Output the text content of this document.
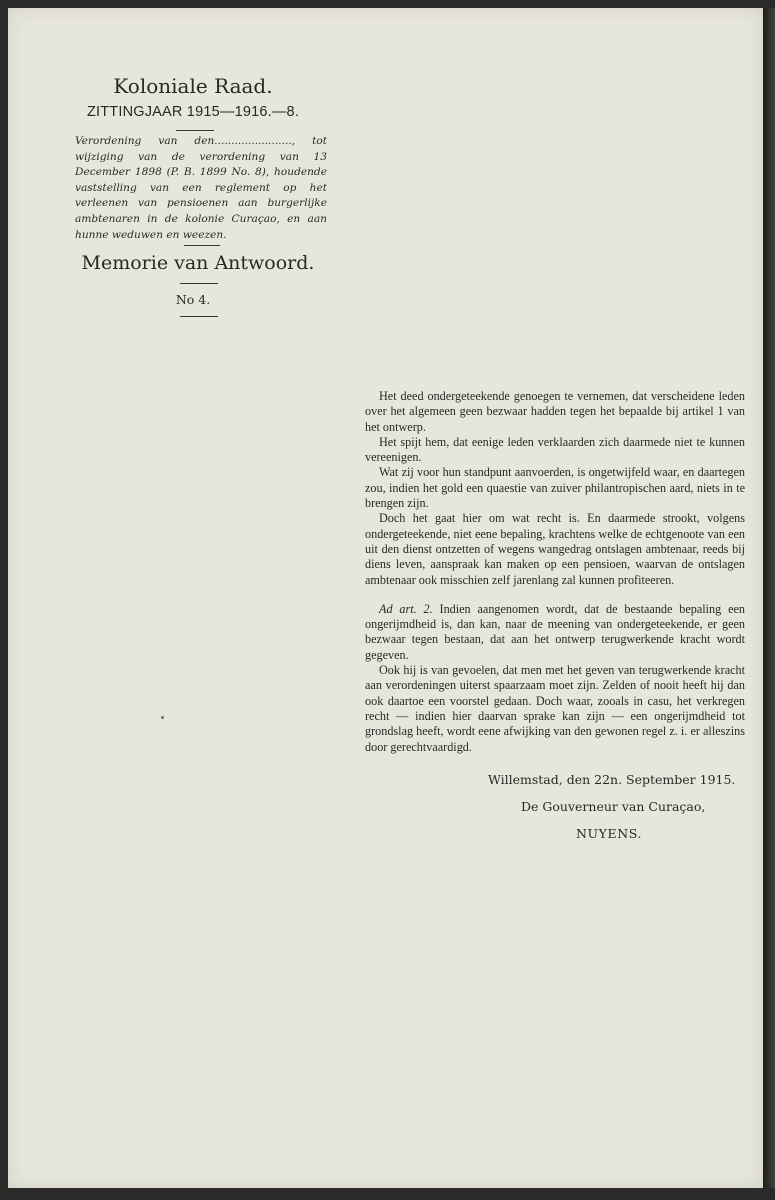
Koloniale Raad.
ZITTINGJAAR 1915—1916.—8.
Verordening van den......................., tot wijziging van de verordening van 13 December 1898 (P. B. 1899 No. 8), houdende vaststelling van een reglement op het verleenen van pensioenen aan burgerlijke ambtenaren in de kolonie Curaçao, en aan hunne weduwen en weezen.
Memorie van Antwoord.
No 4.

Het deed ondergeteekende genoegen te vernemen, dat verscheidene leden over het algemeen geen bezwaar hadden tegen het bepaalde bij artikel 1 van het ontwerp.

Het spijt hem, dat eenige leden verklaarden zich daarmede niet te kunnen vereenigen.

Wat zij voor hun standpunt aanvoerden, is ongetwijfeld waar, en daartegen zou, indien het gold een quaestie van zuiver philantropischen aard, niets in te brengen zijn.

Doch het gaat hier om wat recht is. En daarmede strookt, volgens ondergeteekende, niet eene bepaling, krachtens welke de echtgenoote van een uit den dienst ontzetten of wegens wangedrag ontslagen ambtenaar, reeds bij diens leven, aanspraak kan maken op een pensioen, waarvan de ontslagen ambtenaar ook misschien zelf jarenlang zal kunnen profiteeren.

Ad art. 2. Indien aangenomen wordt, dat de bestaande bepaling een ongerijmdheid is, dan kan, naar de meening van ondergeteekende, er geen bezwaar tegen bestaan, dat aan het ontwerp terugwerkende kracht wordt gegeven.

Ook hij is van gevoelen, dat men met het geven van terugwerkende kracht aan verordeningen uiterst spaarzaam moet zijn. Zelden of nooit heeft hij dan ook daartoe een voorstel gedaan. Doch waar, zooals in casu, het verkregen recht — indien hier daarvan sprake kan zijn — een ongerijmdheid tot grondslag heeft, wordt eene afwijking van den gewonen regel z. i. er alleszins door gerechtvaardigd.

Willemstad, den 22n. September 1915.
De Gouverneur van Curaçao,
NUYENS.
